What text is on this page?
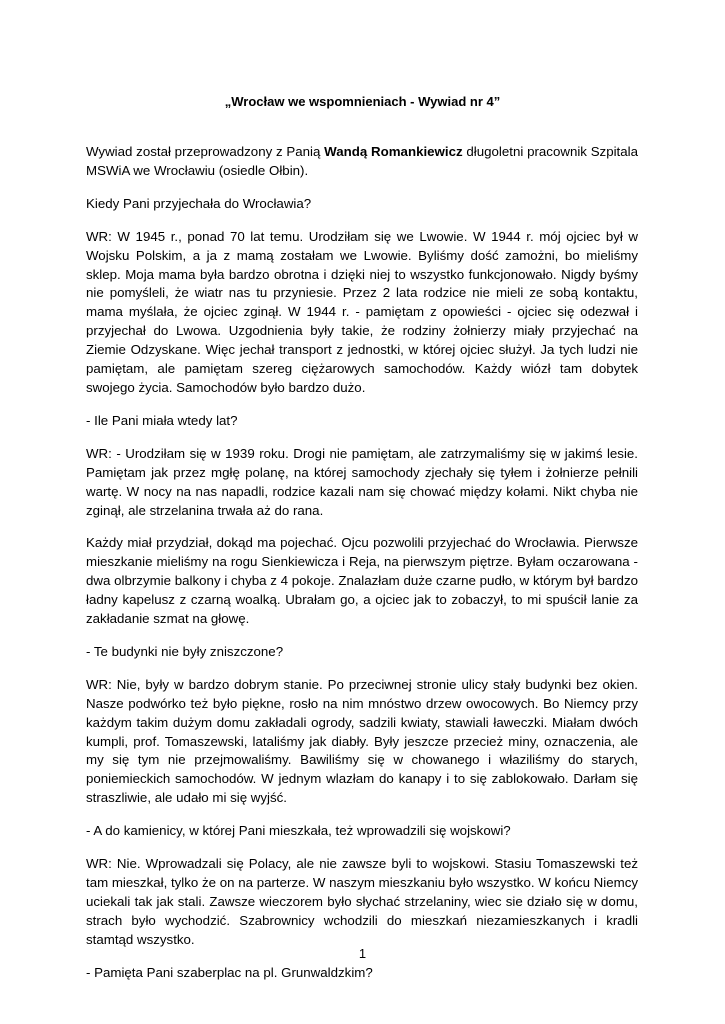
„Wrocław we wspomnieniach - Wywiad nr 4”

Wywiad został przeprowadzony z Panią Wandą Romankiewicz długoletni pracownik Szpitala MSWiA we Wrocławiu (osiedle Ołbin).

Kiedy Pani przyjechała do Wrocławia?

WR: W 1945 r., ponad 70 lat temu. Urodziłam się we Lwowie. W 1944 r. mój ojciec był w Wojsku Polskim, a ja z mamą zostałam we Lwowie. Byliśmy dość zamożni, bo mieliśmy sklep. Moja mama była bardzo obrotna i dzięki niej to wszystko funkcjonowało. Nigdy byśmy nie pomyśleli, że wiatr nas tu przyniesie. Przez 2 lata rodzice nie mieli ze sobą kontaktu, mama myślała, że ojciec zginął. W 1944 r. - pamiętam z opowieści - ojciec się odezwał i przyjechał do Lwowa. Uzgodnienia były takie, że rodziny żołnierzy miały przyjechać na Ziemie Odzyskane. Więc jechał transport z jednostki, w której ojciec służył. Ja tych ludzi nie pamiętam, ale pamiętam szereg ciężarowych samochodów. Każdy wiózł tam dobytek swojego życia. Samochodów było bardzo dużo.

- Ile Pani miała wtedy lat?

WR: - Urodziłam się w 1939 roku. Drogi nie pamiętam, ale zatrzymaliśmy się w jakimś lesie. Pamiętam jak przez mgłę polanę, na której samochody zjechały się tyłem i żołnierze pełnili wartę. W nocy na nas napadli, rodzice kazali nam się chować między kołami. Nikt chyba nie zginął, ale strzelanina trwała aż do rana.

Każdy miał przydział, dokąd ma pojechać. Ojcu pozwolili przyjechać do Wrocławia. Pierwsze mieszkanie mieliśmy na rogu Sienkiewicza i Reja, na pierwszym piętrze. Byłam oczarowana - dwa olbrzymie balkony i chyba z 4 pokoje. Znalazłam duże czarne pudło, w którym był bardzo ładny kapelusz z czarną woalką. Ubrałam go, a ojciec jak to zobaczył, to mi spuścił lanie za zakładanie szmat na głowę.

- Te budynki nie były zniszczone?

WR: Nie, były w bardzo dobrym stanie. Po przeciwnej stronie ulicy stały budynki bez okien. Nasze podwórko też było piękne, rosło na nim mnóstwo drzew owocowych. Bo Niemcy przy każdym takim dużym domu zakładali ogrody, sadzili kwiaty, stawiali ławeczki. Miałam dwóch kumpli, prof. Tomaszewski, lataliśmy jak diabły. Były jeszcze przecież miny, oznaczenia, ale my się tym nie przejmowaliśmy. Bawiliśmy się w chowanego i właziliśmy do starych, poniemieckich samochodów. W jednym wlazłam do kanapy i to się zablokowało. Darłam się straszliwie, ale udało mi się wyjść.

- A do kamienicy, w której Pani mieszkała, też wprowadzili się wojskowi?

WR: Nie. Wprowadzali się Polacy, ale nie zawsze byli to wojskowi. Stasiu Tomaszewski też tam mieszkał, tylko że on na parterze. W naszym mieszkaniu było wszystko. W końcu Niemcy uciekali tak jak stali. Zawsze wieczorem było słychać strzelaniny, wiec sie działo się w domu, strach było wychodzić. Szabrownicy wchodzili do mieszkań niezamieszkanych i kradli stamtąd wszystko.

- Pamięta Pani szaberplac na pl. Grunwaldzkim?

1
